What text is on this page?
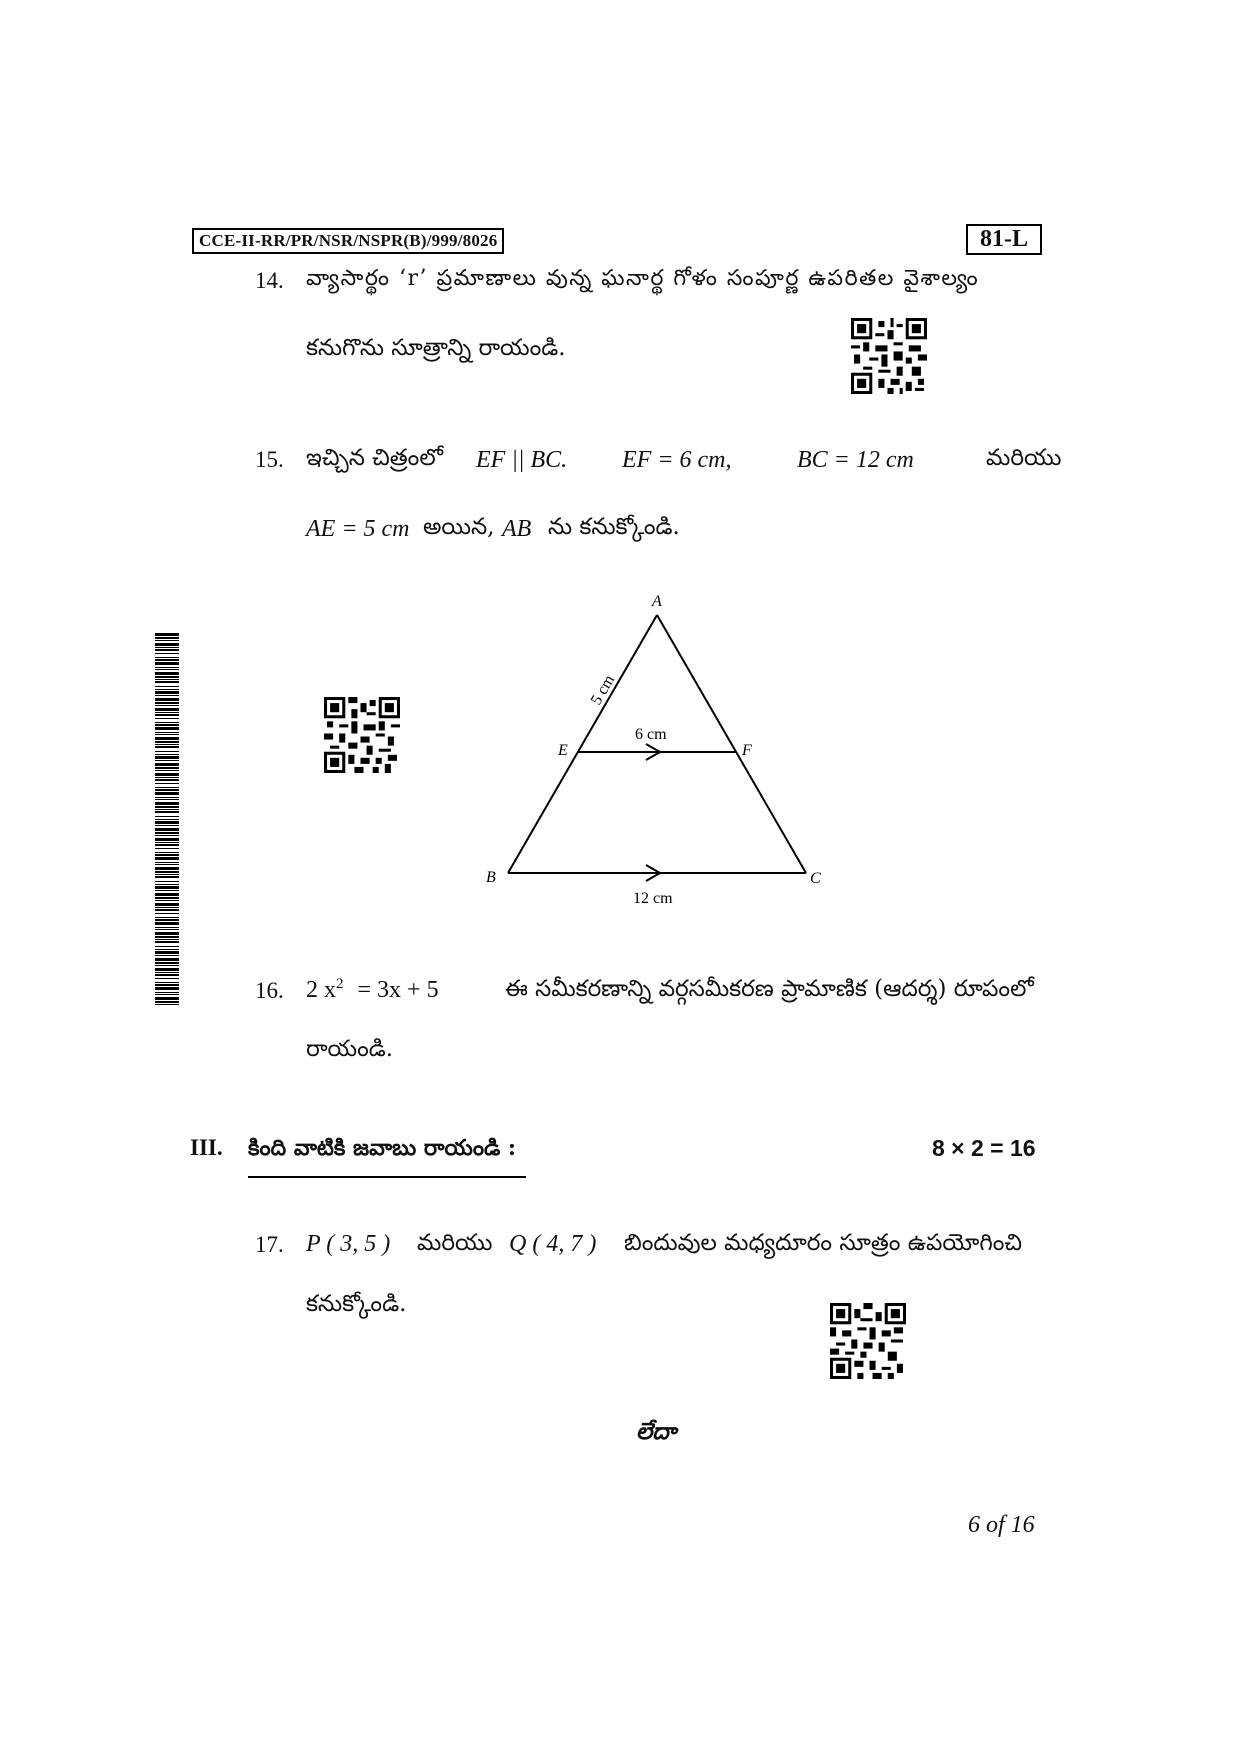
CCE-II-RR/PR/NSR/NSPR(B)/999/8026	81-L
14. వ్యాసార్థం ‘r’ ప్రమాణాలు వున్న ఘనార్థ గోళం సంపూర్ణ ఉపరితల వైశాల్యం
కనుగొను సూత్రాన్ని రాయండి.
15. ఇచ్చిన చిత్రంలో EF || BC. EF = 6 cm,	BC = 12 cm	మరియు
AE = 5 cm అయిన, AB ను కనుక్కోండి.
A
B	C
E	F
5 cm
6 cm
12 cm
16. 2 $x^2 = 3x + 5$	ఈ సమీకరణాన్ని వర్గసమీకరణ ప్రామాణిక (ఆదర్శ) రూపంలో
రాయండి.
III. కింది వాటికి జవాబు రాయండి :	8 × 2 = 16
17. P ( 3, 5 ) మరియు Q ( 4, 7 ) బిందువుల మధ్యదూరం సూత్రం ఉపయోగించి
కనుక్కోండి.
లేదా
6 of 16
